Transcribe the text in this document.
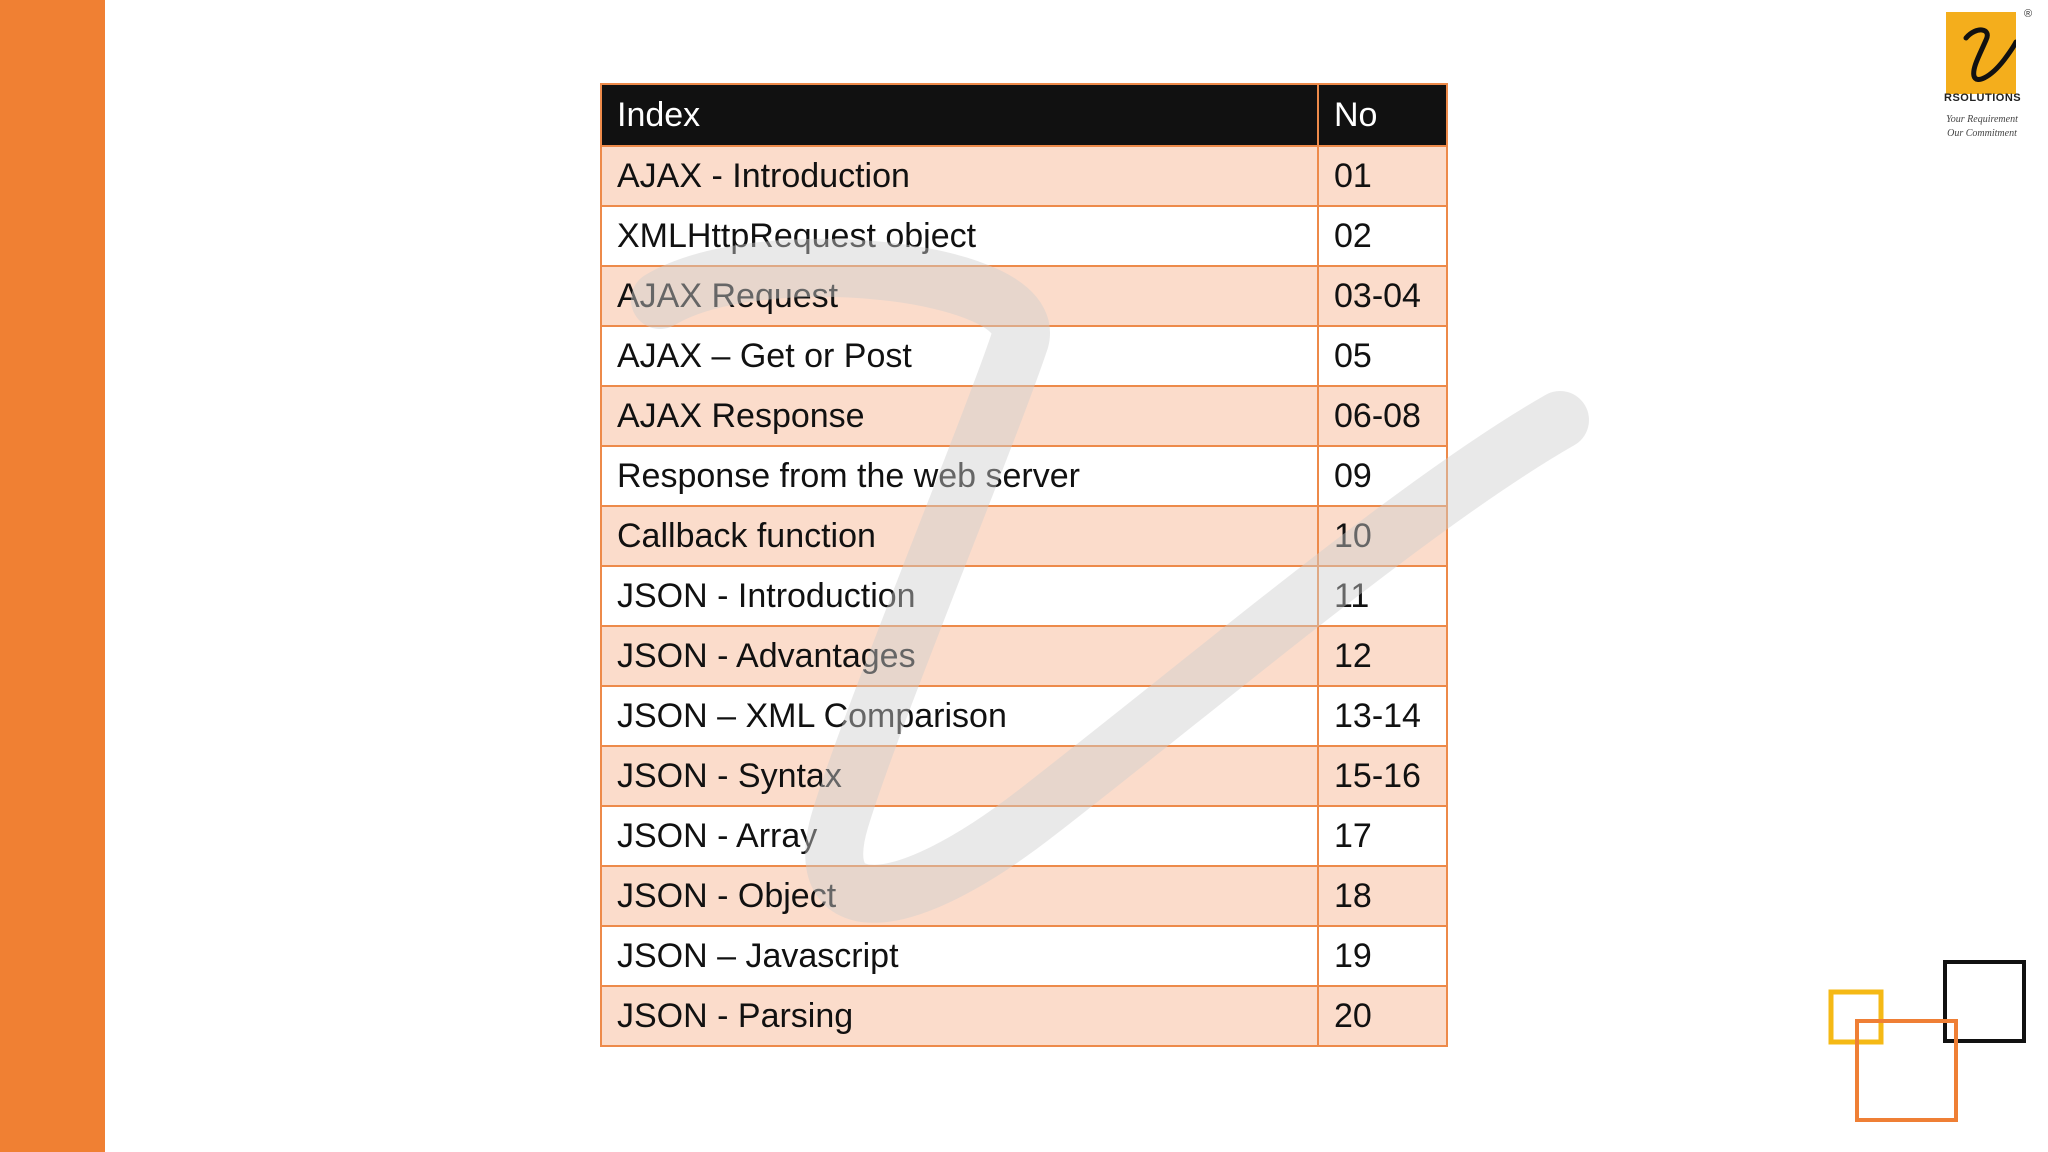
Index	No
AJAX - Introduction	01
XMLHttpRequest object	02
AJAX Request	03-04
AJAX – Get or Post	05
AJAX Response	06-08
Response from the web server	09
Callback function	10
JSON - Introduction	11
JSON - Advantages	12
JSON – XML Comparison	13-14
JSON - Syntax	15-16
JSON - Array	17
JSON - Object	18
JSON – Javascript	19
JSON - Parsing	20
®
RSOLUTIONS
Your Requirement
Our Commitment
